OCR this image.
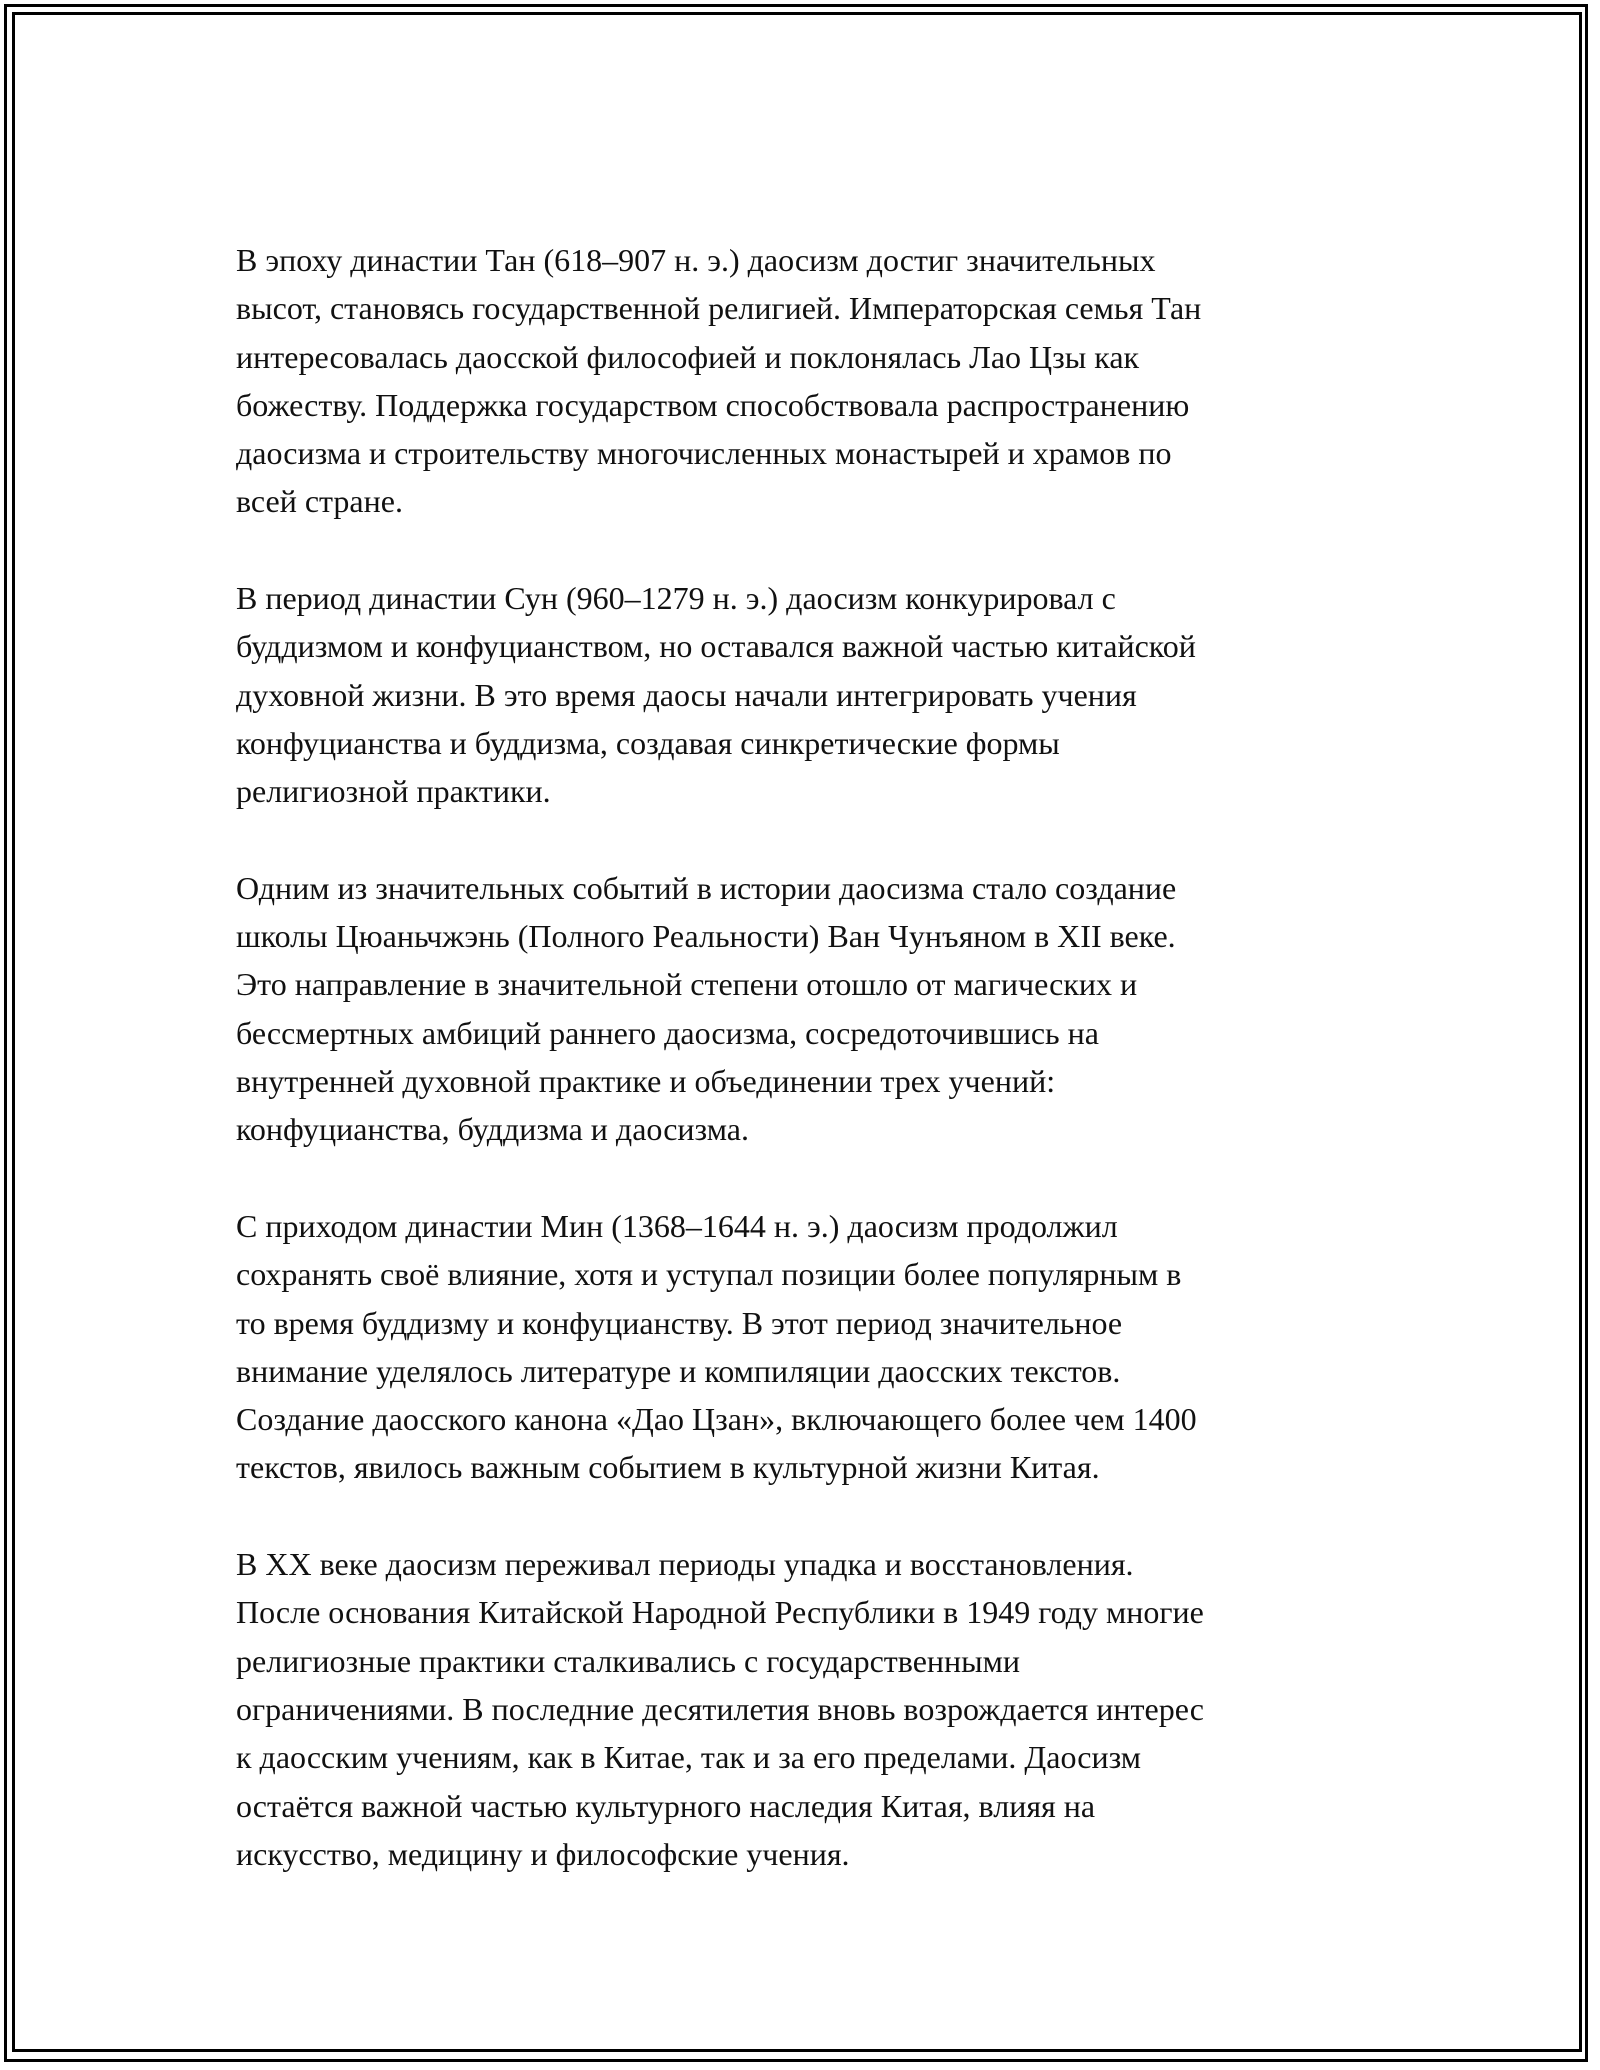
В эпоху династии Тан (618–907 н. э.) даосизм достиг значительных
высот, становясь государственной религией. Императорская семья Тан
интересовалась даосской философией и поклонялась Лао Цзы как
божеству. Поддержка государством способствовала распространению
даосизма и строительству многочисленных монастырей и храмов по
всей стране.

В период династии Сун (960–1279 н. э.) даосизм конкурировал с
буддизмом и конфуцианством, но оставался важной частью китайской
духовной жизни. В это время даосы начали интегрировать учения
конфуцианства и буддизма, создавая синкретические формы
религиозной практики.

Одним из значительных событий в истории даосизма стало создание
школы Цюаньчжэнь (Полного Реальности) Ван Чунъяном в XII веке.
Это направление в значительной степени отошло от магических и
бессмертных амбиций раннего даосизма, сосредоточившись на
внутренней духовной практике и объединении трех учений:
конфуцианства, буддизма и даосизма.

С приходом династии Мин (1368–1644 н. э.) даосизм продолжил
сохранять своё влияние, хотя и уступал позиции более популярным в
то время буддизму и конфуцианству. В этот период значительное
внимание уделялось литературе и компиляции даосских текстов.
Создание даосского канона «Дао Цзан», включающего более чем 1400
текстов, явилось важным событием в культурной жизни Китая.

В XX веке даосизм переживал периоды упадка и восстановления.
После основания Китайской Народной Республики в 1949 году многие
религиозные практики сталкивались с государственными
ограничениями. В последние десятилетия вновь возрождается интерес
к даосским учениям, как в Китае, так и за его пределами. Даосизм
остаётся важной частью культурного наследия Китая, влияя на
искусство, медицину и философские учения.
